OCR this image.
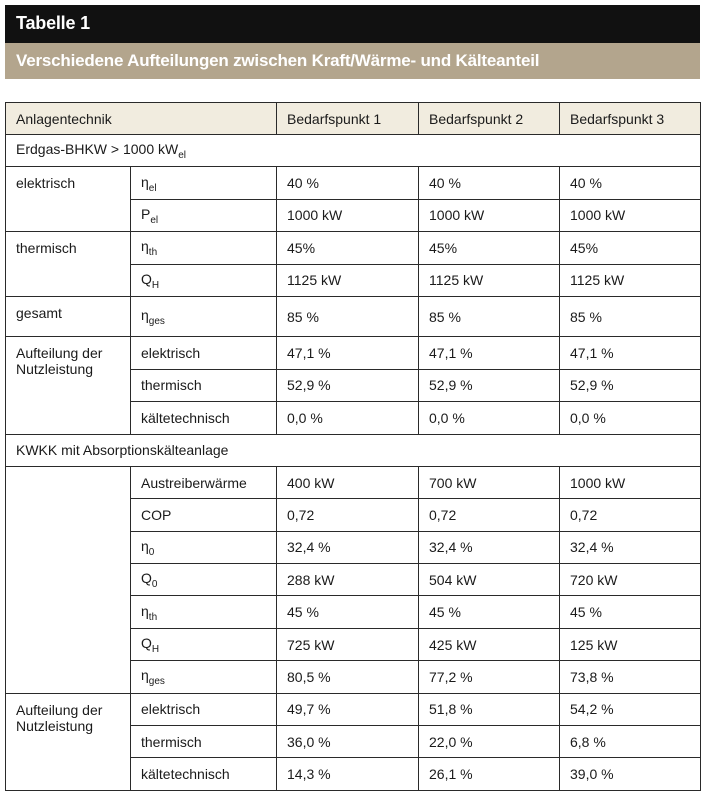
Tabelle 1
Verschiedene Aufteilungen zwischen Kraft/Wärme- und Kälteanteil
Anlagentechnik		Bedarfspunkt 1	Bedarfspunkt 2	Bedarfspunkt 3
Erdgas-BHKW > 1000 $kW_{el}$
elektrisch	$\eta_{el}$	40 %	40 %	40 %
	$P_{el}$	1000 kW	1000 kW	1000 kW
thermisch	$\eta_{th}$	45%	45%	45%
	$Q_H$	1125 kW	1125 kW	1125 kW
gesamt	$\eta_{ges}$	85 %	85 %	85 %
Aufteilung der Nutzleistung	elektrisch	47,1 %	47,1 %	47,1 %
	thermisch	52,9 %	52,9 %	52,9 %
	kältetechnisch	0,0 %	0,0 %	0,0 %
KWKK mit Absorptionskälteanlage				
	Austreiberwärme	400 kW	700 kW	1000 kW
	COP	0,72	0,72	0,72
	$\eta_0$	32,4 %	32,4 %	32,4 %
	$Q_0$	288 kW	504 kW	720 kW
	$\eta_{th}$	45 %	45 %	45 %
	$Q_H$	725 kW	425 kW	125 kW
	$\eta_{ges}$	80,5 %	77,2 %	73,8 %
Aufteilung der Nutzleistung	elektrisch	49,7 %	51,8 %	54,2 %
	thermisch	36,0 %	22,0 %	6,8 %
	kältetechnisch	14,3 %	26,1 %	39,0 %
